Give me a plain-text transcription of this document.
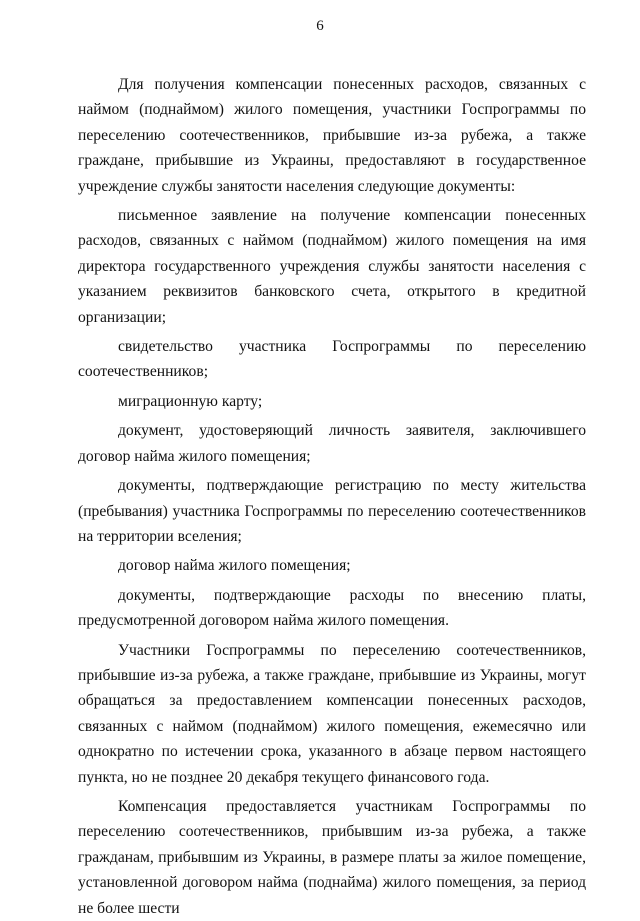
6

Для получения компенсации понесенных расходов, связанных с наймом (поднаймом) жилого помещения, участники Госпрограммы по переселению соотечественников, прибывшие из-за рубежа, а также граждане, прибывшие из Украины, предоставляют в государственное учреждение службы занятости населения следующие документы:

письменное заявление на получение компенсации понесенных расходов, связанных с наймом (поднаймом) жилого помещения на имя директора государственного учреждения службы занятости населения с указанием реквизитов банковского счета, открытого в кредитной организации;

свидетельство участника Госпрограммы по переселению соотечественников;

миграционную карту;

документ, удостоверяющий личность заявителя, заключившего договор найма жилого помещения;

документы, подтверждающие регистрацию по месту жительства (пребывания) участника Госпрограммы по переселению соотечественников на территории вселения;

договор найма жилого помещения;

документы, подтверждающие расходы по внесению платы, предусмотренной договором найма жилого помещения.

Участники Госпрограммы по переселению соотечественников, прибывшие из-за рубежа, а также граждане, прибывшие из Украины, могут обращаться за предоставлением компенсации понесенных расходов, связанных с наймом (поднаймом) жилого помещения, ежемесячно или однократно по истечении срока, указанного в абзаце первом настоящего пункта, но не позднее 20 декабря текущего финансового года.

Компенсация предоставляется участникам Госпрограммы по переселению соотечественников, прибывшим из-за рубежа, а также гражданам, прибывшим из Украины, в размере платы за жилое помещение, установленной договором найма (поднайма) жилого помещения, за период не более шести
